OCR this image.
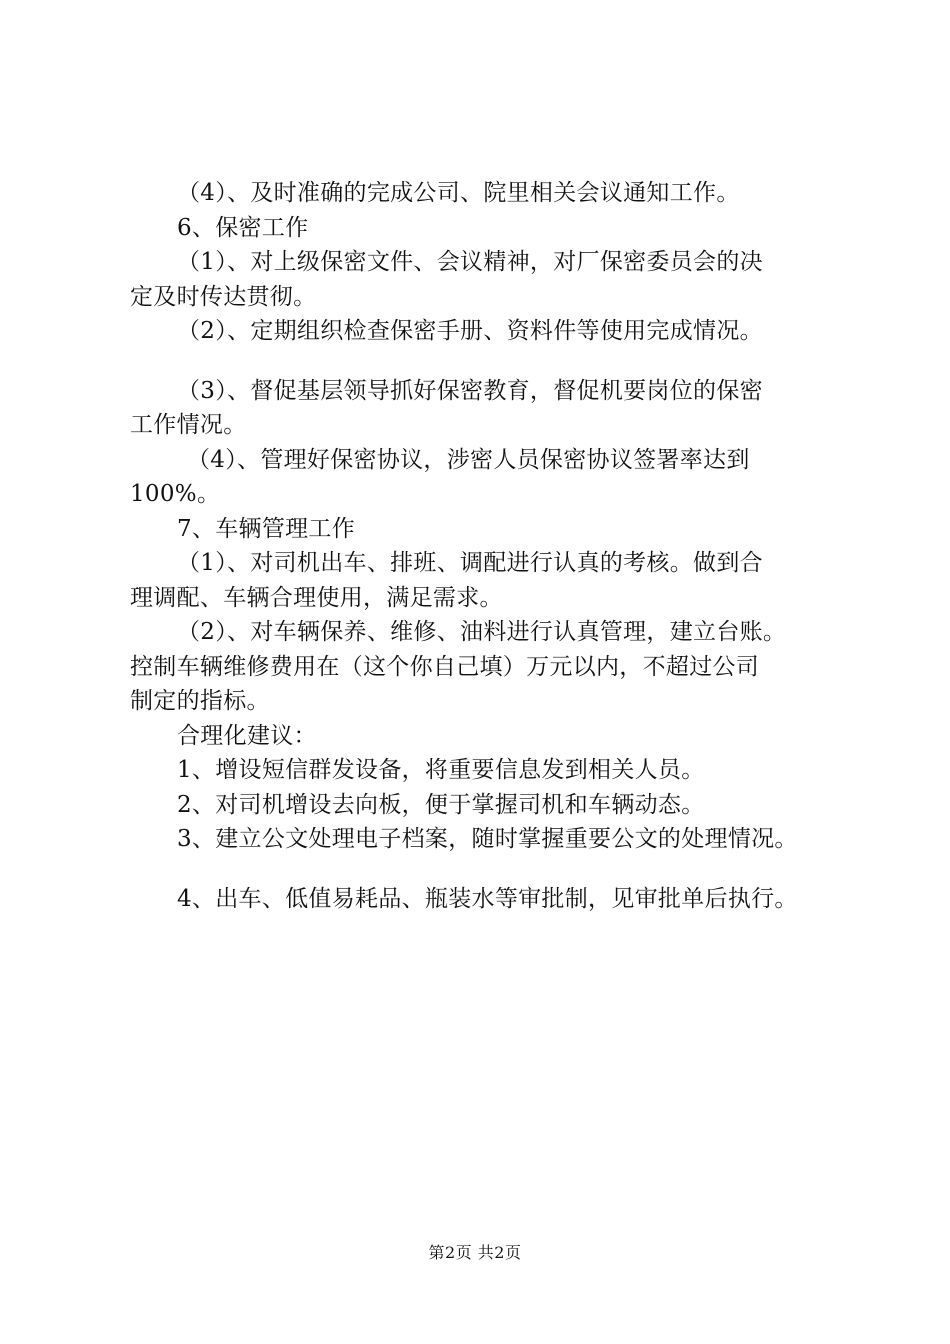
（4）、及时准确的完成公司、院里相关会议通知工作。

6、保密工作

（1）、对上级保密文件、会议精神，对厂保密委员会的决

定及时传达贯彻。

（2）、定期组织检查保密手册、资料件等使用完成情况。

（3）、督促基层领导抓好保密教育，督促机要岗位的保密

工作情况。

（4）、管理好保密协议，涉密人员保密协议签署率达到

100%。

7、车辆管理工作

（1）、对司机出车、排班、调配进行认真的考核。做到合

理调配、车辆合理使用，满足需求。

（2）、对车辆保养、维修、油料进行认真管理，建立台账。

控制车辆维修费用在（这个你自己填）万元以内，不超过公司

制定的指标。

合理化建议：

1、增设短信群发设备，将重要信息发到相关人员。

2、对司机增设去向板，便于掌握司机和车辆动态。

3、建立公文处理电子档案，随时掌握重要公文的处理情况。

4、出车、低值易耗品、瓶装水等审批制，见审批单后执行。

第2页 共2页
